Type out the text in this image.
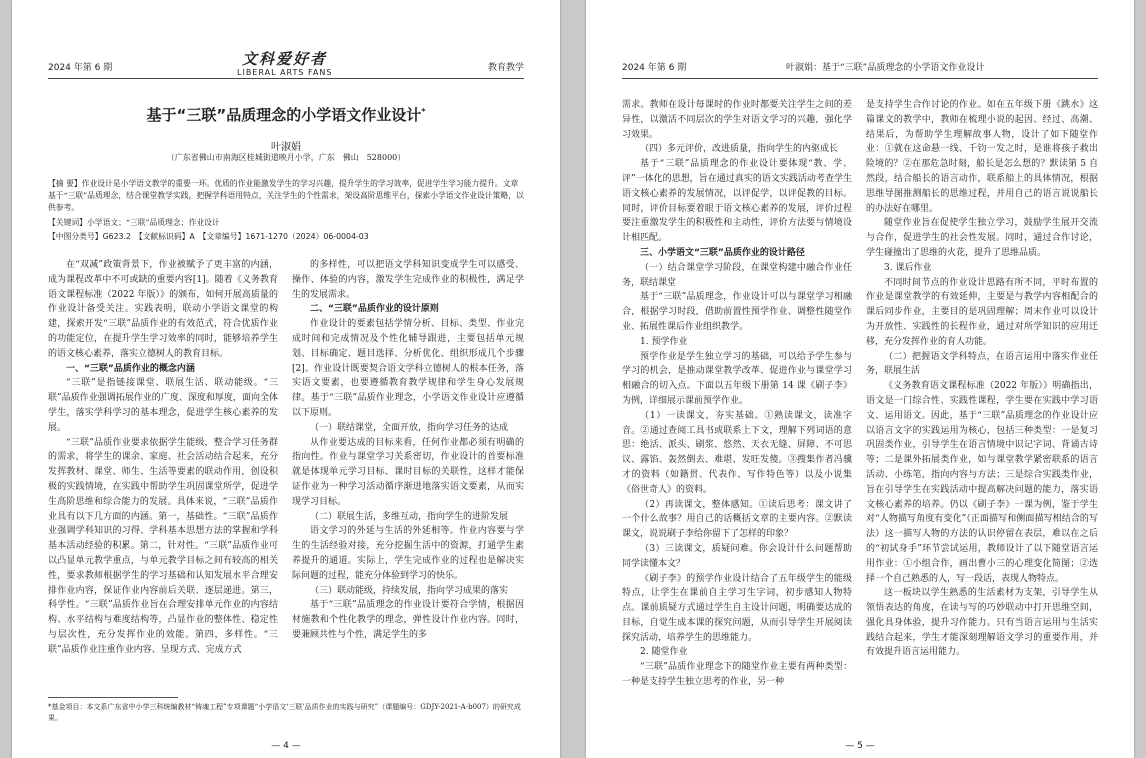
2024 年第 6 期	文科爱好者
LIBERAL ARTS FANS	教育教学
基于“三联”品质理念的小学语文作业设计*
叶淑娟
（广东省佛山市南海区桂城街道映月小学，广东　佛山　528000）
【摘 要】作业设计是小学语文教学的重要一环。优质的作业能激发学生的学习兴趣，提升学生的学习效率，促进学生学习能力提升。文章基于“三联”品质理念，结合课堂教学实践，把握学科语用特点，关注学生的个性需求，架设高阶思维平台，探索小学语文作业设计策略，以供参考。
【关键词】小学语文；“三联”品质理念；作业设计
【中图分类号】G623.2　【文献标识码】A　【文章编号】1671-1270（2024）06-0004-03

在“双减”政策背景下，作业被赋予了更丰富的内涵，成为课程改革中不可或缺的重要内容[1]。随着《义务教育语文课程标准（2022 年版）》的颁布，如何开展高质量的作业设计备受关注。实践表明，联动小学语文课堂的构建，探索开发“三联”品质作业的有效范式，符合优质作业的功能定位，在提升学生学习效率的同时，能够培养学生的语文核心素养，落实立德树人的教育目标。

一、“三联”品质作业的概念内涵

“三联”是指链接课堂、联展生活、联动能级。“三联”品质作业强调拓展作业的广度、深度和厚度，面向全体学生，落实学科学习的基本理念，促进学生核心素养的发展。

“三联”品质作业要求依据学生能级，整合学习任务群的需求，将学生的课余、家庭、社会活动结合起来，充分发挥教材、课堂、师生、生活等要素的联动作用，创设积极的实践情境，在实践中帮助学生巩固课堂所学，促进学生高阶思维和综合能力的发展。具体来说，“三联”品质作业具有以下几方面的内涵。第一，基础性。“三联”品质作业强调学科知识的习得、学科基本思想方法的掌握和学科基本活动经验的积累。第二，针对性。“三联”品质作业可以凸显单元教学重点，与单元教学目标之间有较高的相关性，要求教师根据学生的学习基础和认知发展水平合理安排作业内容，保证作业内容前后关联、逐层递进。第三，科学性。“三联”品质作业旨在合理安排单元作业的内容结构、水平结构与难度结构等，凸显作业的整体性、稳定性与层次性，充分发挥作业的效能。第四，多样性。“三联”品质作业注重作业内容、呈现方式、完成方式

的多样性，可以把语文学科知识变成学生可以感受、操作、体验的内容，激发学生完成作业的积极性，满足学生的发展需求。

二、“三联”品质作业的设计原则

作业设计的要素包括学情分析、目标、类型、作业完成时间和完成情况及个性化辅导跟进，主要包括单元规划、目标确定、题目选择、分析优化、组织形成几个步骤[2]。作业设计既要契合语文学科立德树人的根本任务，落实语文要素，也要遵循教育教学规律和学生身心发展规律。基于“三联”品质作业理念，小学语文作业设计应遵循以下原则。

（一）联结课堂，全面开放，指向学习任务的达成

从作业要达成的目标来看，任何作业都必须有明确的指向性。作业与课堂学习关系密切，作业设计的首要标准就是体现单元学习目标、课时目标的关联性，这样才能保证作业为一种学习活动循序渐进地落实语文要素，从而实现学习目标。

（二）联展生活，多维互动，指向学生的进阶发展

语文学习的外延与生活的外延相等。作业内容要与学生的生活经验对接，充分挖掘生活中的资源，打通学生素养提升的通道。实际上，学生完成作业的过程也是解决实际问题的过程，能充分体验到学习的快乐。

（三）联动能级，持续发展，指向学习成果的落实

基于“三联”品质理念的作业设计要符合学情，根据因材施教和个性化教学的理念，弹性设计作业内容。同时，要兼顾共性与个性，满足学生的多

*基金项目：本文系广东省中小学三科统编教材“铸魂工程”专项课题“小学语文‘三联’品质作业的实践与研究”（课题编号：GDJY-2021-A-b007）的研究成果。
— 4 —
2024 年第 6 期	叶淑娟：基于“三联”品质理念的小学语文作业设计

需求。教师在设计每课时的作业时都要关注学生之间的差异性，以激活不同层次的学生对语文学习的兴趣，强化学习效果。

（四）多元评价，改进质量，指向学生的内驱成长

基于“三联”品质理念的作业设计要体现“教、学、评”一体化的思想，旨在通过真实的语文实践活动考查学生语文核心素养的发展情况，以评促学，以评促教的目标。同时，评价目标要着眼于语文核心素养的发展，评价过程要注重激发学生的积极性和主动性，评价方法要与情境设计相匹配。

三、小学语文“三联”品质作业的设计路径

（一）结合课堂学习阶段，在课堂构建中融合作业任务，联结课堂

基于“三联”品质理念，作业设计可以与课堂学习相融合，根据学习时段，借助前置性预学作业、调整性随堂作业、拓展性课后作业组织教学。

1. 预学作业

预学作业是学生独立学习的基础，可以给予学生参与学习的机会，是推动课堂教学改革、促进作业与课堂学习相融合的切入点。下面以五年级下册第 14 课《刷子李》为例，详细展示课前预学作业。

（1）一读课文，夯实基础。①熟读课文，读准字音。②通过查阅工具书或联系上下文，理解下列词语的意思：绝活、派头、刷浆、悠然、天衣无缝、屏障、不可思议、露馅、轰然倒去、难堪、发旺发傻。③搜集作者冯骥才的资料（如籍贯、代表作、写作特色等）以及小说集《俗世奇人》的资料。

（2）再读课文，整体感知。①读后思考：课文讲了一个什么故事？用自己的话概括文章的主要内容。②默读课文，说说刷子李给你留下了怎样的印象？

（3）三读课文，质疑问难。你会设计什么问题帮助同学读懂本文？

《刷子李》的预学作业设计结合了五年级学生的能级特点，让学生在课前自主学习生字词，初步感知人物特点。课前质疑方式通过学生自主设计问题，明确要达成的目标，自觉生成本课的探究问题，从而引导学生开展阅读探究活动，培养学生的思维能力。

2. 随堂作业

“三联”品质作业理念下的随堂作业主要有两种类型：一种是支持学生独立思考的作业，另一种

是支持学生合作讨论的作业。如在五年级下册《跳水》这篇课文的教学中，教师在梳理小说的起因、经过、高潮、结果后，为帮助学生理解故事人物，设计了如下随堂作业：①就在这命悬一线、千钧一发之时，是谁将孩子救出险境的？②在那危急时刻，船长是怎么想的？默读第 5 自然段，结合船长的语言动作，联系船上的具体情况，根据思维导图推测船长的思维过程，并用自己的语言说说船长的办法好在哪里。

随堂作业旨在促使学生独立学习，鼓励学生展开交流与合作，促进学生的社会性发展。同时，通过合作讨论，学生碰撞出了思维的火花，提升了思维品质。

3. 课后作业

不同时间节点的作业设计思路有所不同，平时布置的作业是课堂教学的有效延伸，主要是与教学内容相配合的课后同步作业，主要目的是巩固理解；周末作业可以设计为开放性、实践性的长程作业，通过对所学知识的应用迁移，充分发挥作业的育人功能。

（二）把握语文学科特点，在语言运用中落实作业任务，联展生活

《义务教育语文课程标准（2022 年版）》明确指出，语文是一门综合性、实践性课程，学生要在实践中学习语文、运用语文。因此，基于“三联”品质理念的作业设计应以语言文字的实践运用为核心，包括三种类型：一是复习巩固类作业，引导学生在语言情境中识记字词、背诵古诗等；二是课外拓展类作业，如与课堂教学紧密联系的语言活动、小练笔，指向内容与方法；三是综合实践类作业，旨在引导学生在实践活动中提高解决问题的能力，落实语文核心素养的培养。仍以《刷子李》一课为例，鉴于学生对“人物描写角度有变化”（正面描写和侧面描写相结合的写法）这一描写人物的方法的认识停留在表层，难以在之后的“初试身手”环节尝试运用，教师设计了以下随堂语言运用作业：①小组合作，画出曹小三的心理变化简图；②选择一个自己熟悉的人，写一段话，表现人物特点。

这一板块以学生熟悉的生活素材为支架，引导学生从领悟表达的角度，在读与写的巧妙联动中打开思维空间，强化具身体验，提升习作能力。只有当语言运用与生活实践结合起来，学生才能深刻理解语文学习的重要作用，并有效提升语言运用能力。

— 5 —
